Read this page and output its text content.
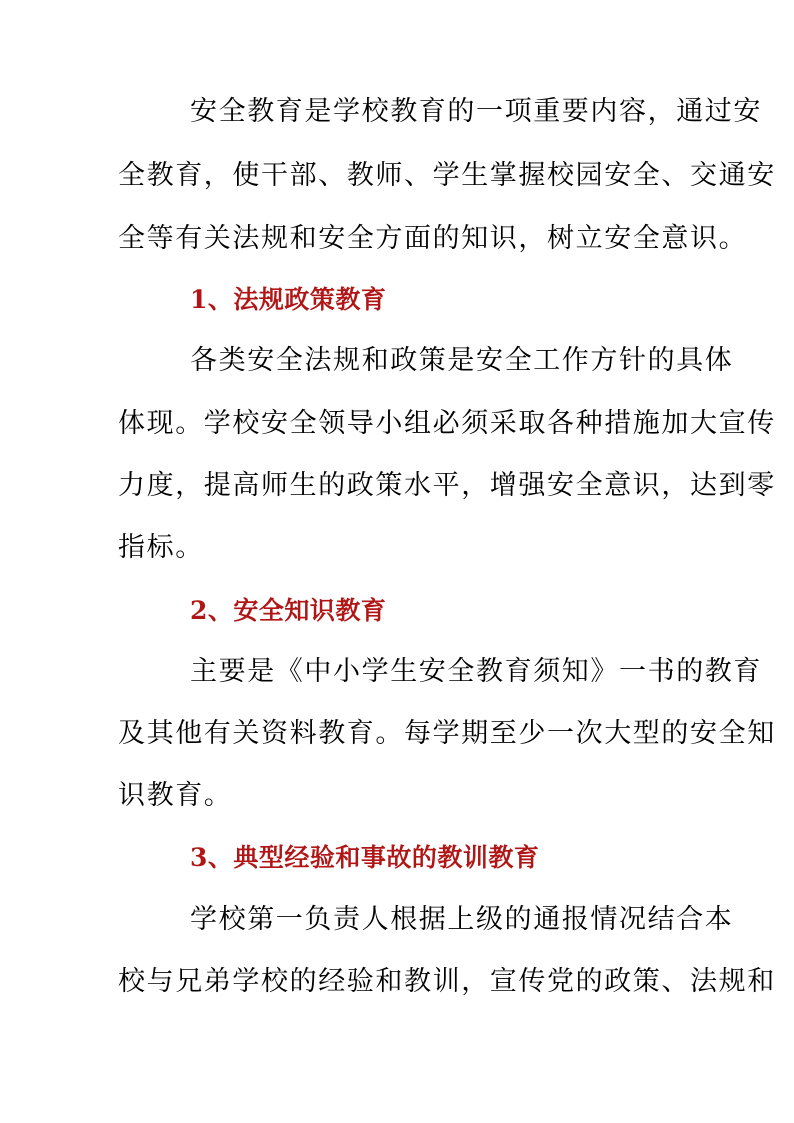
安全教育是学校教育的一项重要内容，通过安

全教育，使干部、教师、学生掌握校园安全、交通安

全等有关法规和安全方面的知识，树立安全意识。

1、法规政策教育

各类安全法规和政策是安全工作方针的具体

体现。学校安全领导小组必须采取各种措施加大宣传

力度，提高师生的政策水平，增强安全意识，达到零

指标。

2、安全知识教育

主要是《中小学生安全教育须知》一书的教育

及其他有关资料教育。每学期至少一次大型的安全知

识教育。

3、典型经验和事故的教训教育

学校第一负责人根据上级的通报情况结合本

校与兄弟学校的经验和教训，宣传党的政策、法规和
